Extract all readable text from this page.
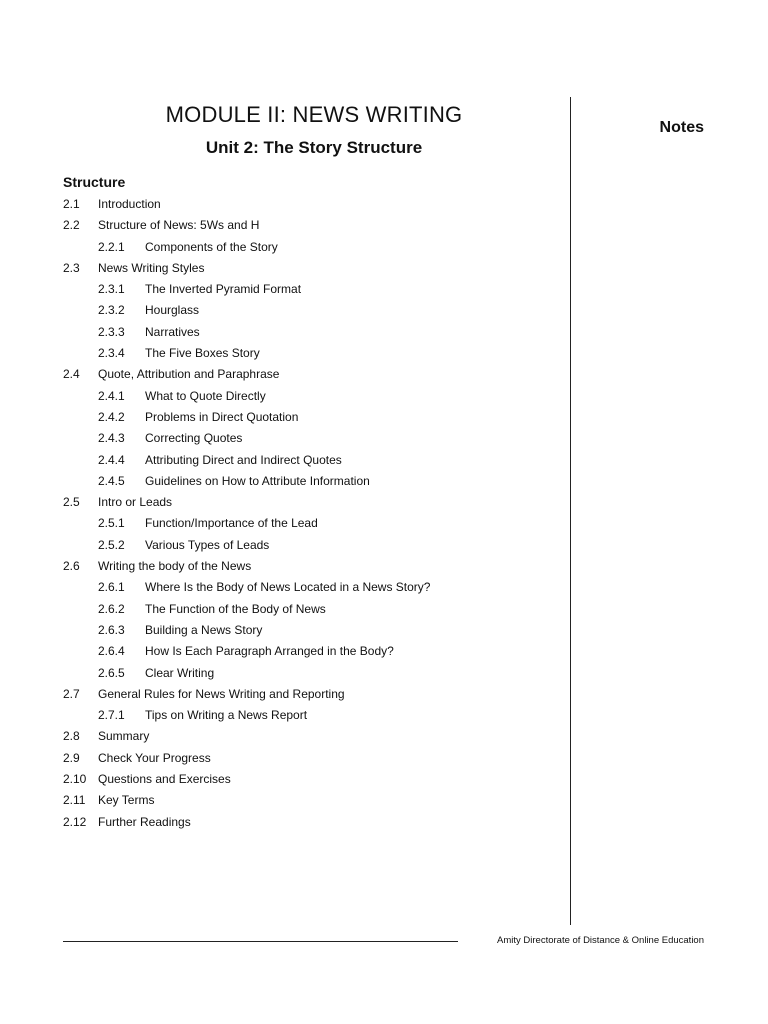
MODULE II: NEWS WRITING
Unit 2: The Story Structure
Notes
Structure
2.1 Introduction
2.2 Structure of News: 5Ws and H
2.2.1 Components of the Story
2.3 News Writing Styles
2.3.1 The Inverted Pyramid Format
2.3.2 Hourglass
2.3.3 Narratives
2.3.4 The Five Boxes Story
2.4 Quote, Attribution and Paraphrase
2.4.1 What to Quote Directly
2.4.2 Problems in Direct Quotation
2.4.3 Correcting Quotes
2.4.4 Attributing Direct and Indirect Quotes
2.4.5 Guidelines on How to Attribute Information
2.5 Intro or Leads
2.5.1 Function/Importance of the Lead
2.5.2 Various Types of Leads
2.6 Writing the body of the News
2.6.1 Where Is the Body of News Located in a News Story?
2.6.2 The Function of the Body of News
2.6.3 Building a News Story
2.6.4 How Is Each Paragraph Arranged in the Body?
2.6.5 Clear Writing
2.7 General Rules for News Writing and Reporting
2.7.1 Tips on Writing a News Report
2.8 Summary
2.9 Check Your Progress
2.10 Questions and Exercises
2.11 Key Terms
2.12 Further Readings
Amity Directorate of Distance & Online Education
